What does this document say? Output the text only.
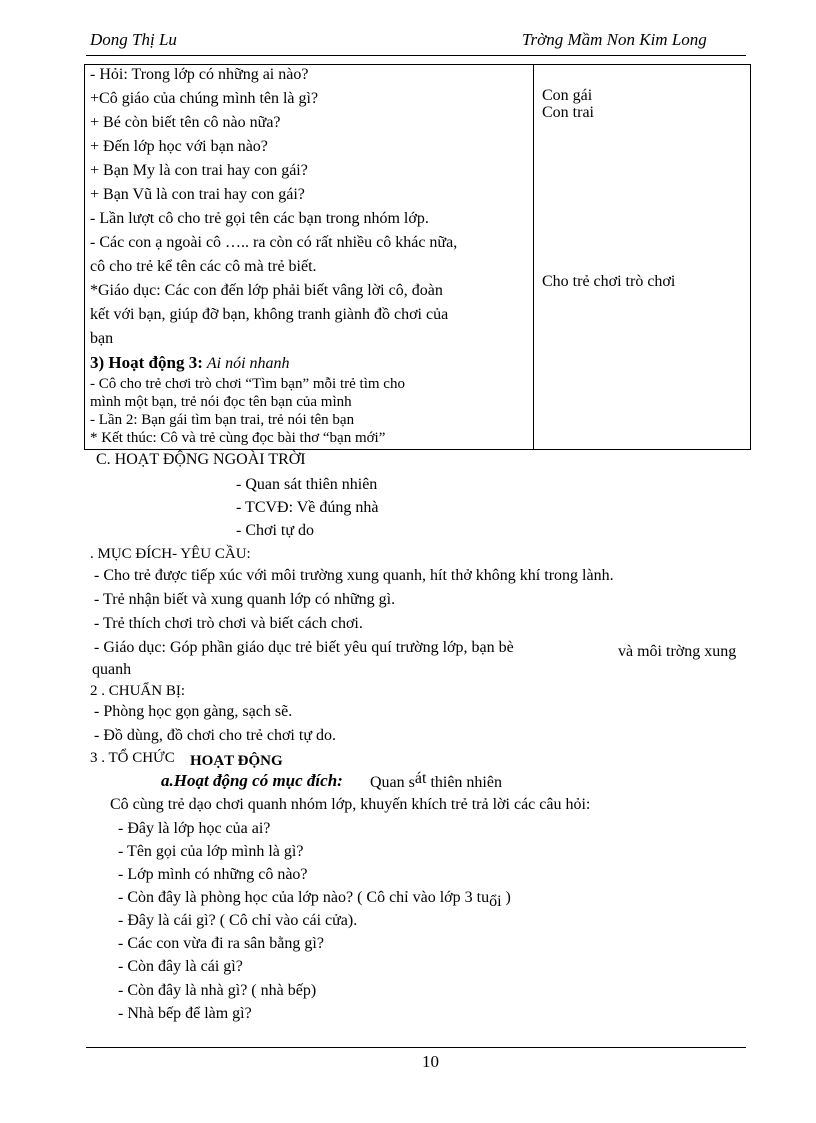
Dong Thị Lu	Trờng Mầm Non Kim Long
- Hỏi: Trong lớp có những ai nào?
+Cô giáo của chúng mình tên là gì?
+ Bé còn biết tên cô nào nữa?
+ Đến lớp học với bạn nào?
+ Bạn My là con trai hay con gái?
+ Bạn Vũ là con trai hay con gái?
- Lần lượt cô cho trẻ gọi tên các bạn trong nhóm lớp.
- Các con ạ ngoài cô ….. ra còn có rất nhiều cô khác nữa,
cô cho trẻ kể tên các cô mà trẻ biết.
*Giáo dục: Các con đến lớp phải biết vâng lời cô, đoàn
kết với bạn, giúp đỡ bạn, không tranh giành đồ chơi của
bạn
3) Hoạt động 3: Ai nói nhanh
- Cô cho trẻ chơi trò chơi “Tìm bạn” mỗi trẻ tìm cho
mình một bạn, trẻ nói đọc tên bạn của mình
- Lần 2: Bạn gái tìm bạn trai, trẻ nói tên bạn
* Kết thúc: Cô và trẻ cùng đọc bài thơ “bạn mới”
Con gái
Con trai
Cho trẻ chơi trò chơi
C. HOẠT ĐỘNG NGOÀI TRỜI
- Quan sát thiên nhiên
- TCVĐ: Về đúng nhà
- Chơi tự do
. MỤC ĐÍCH- YÊU CẦU:
- Cho trẻ được tiếp xúc với môi trường xung quanh, hít thở không khí trong lành.
- Trẻ nhận biết và xung quanh lớp có những gì.
- Trẻ thích chơi trò chơi và biết cách chơi.
- Giáo dục: Góp phần giáo dục trẻ biết yêu quí trường lớp, bạn bè	và môi trờng xung
quanh
2 . CHUẨN BỊ:
- Phòng học gọn gàng, sạch sẽ.
- Đồ dùng, đồ chơi cho trẻ chơi tự do.
3 . TỔ CHỨC HOẠT ĐỘNG
a.Hoạt động có mục đích: Quan sát thiên nhiên
Cô cùng trẻ dạo chơi quanh nhóm lớp, khuyến khích trẻ trả lời các câu hỏi:
- Đây là lớp học của ai?
- Tên gọi của lớp mình là gì?
- Lớp mình có những cô nào?
- Còn đây là phòng học của lớp nào? ( Cô chỉ vào lớp 3 tuổi )
- Đây là cái gì? ( Cô chỉ vào cái cửa).
- Các con vừa đi ra sân bằng gì?
- Còn đây là cái gì?
- Còn đây là nhà gì? ( nhà bếp)
- Nhà bếp để làm gì?
10
